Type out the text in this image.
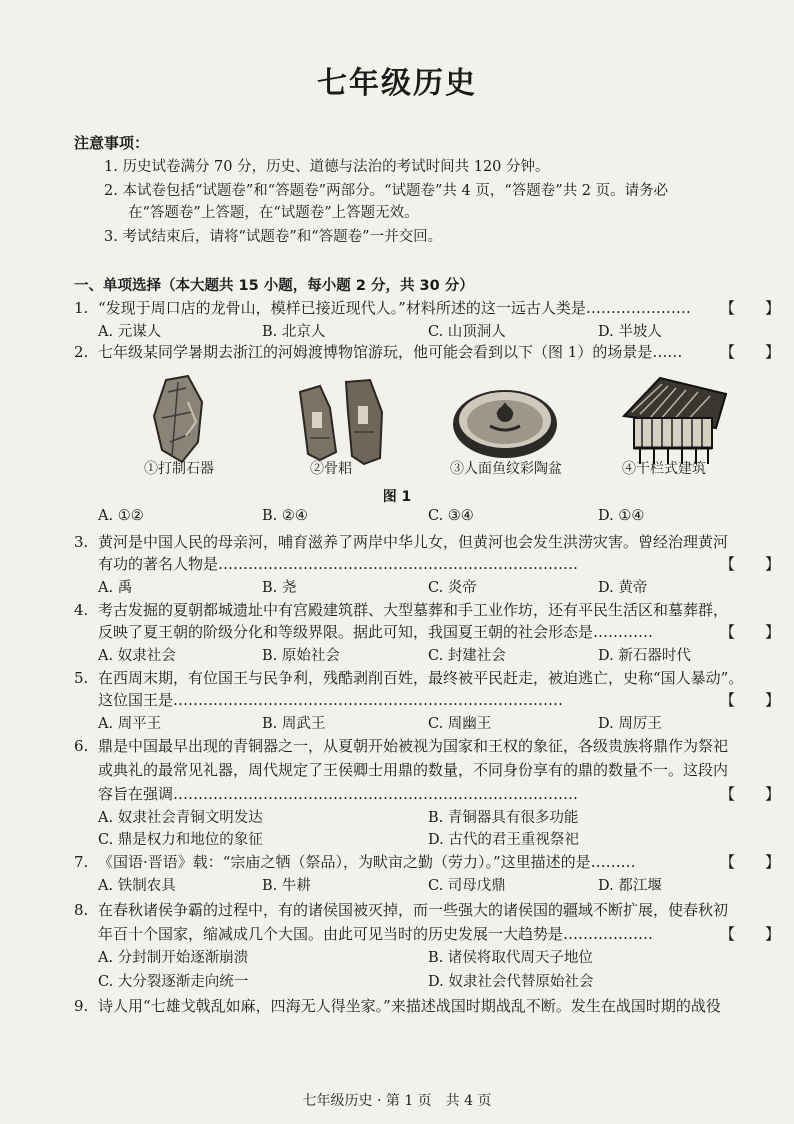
七年级历史
注意事项：
1. 历史试卷满分 70 分，历史、道德与法治的考试时间共 120 分钟。
2. 本试卷包括“试题卷”和“答题卷”两部分。“试题卷”共 4 页，“答题卷”共 2 页。请务必
在“答题卷”上答题，在“试题卷”上答题无效。
3. 考试结束后，请将“试题卷”和“答题卷”一并交回。
一、单项选择（本大题共 15 小题，每小题 2 分，共 30 分）
1. “发现于周口店的龙骨山，模样已接近现代人。”材料所述的这一远古人类是………………… 【　　】
A. 元谋人	B. 北京人	C. 山顶洞人	D. 半坡人
2. 七年级某同学暑期去浙江的河姆渡博物馆游玩，他可能会看到以下（图 1）的场景是……	【　　】
①打制石器	②骨耜	③人面鱼纹彩陶盆	④干栏式建筑
图 1
A. ①②	B. ②④	C. ③④	D. ①④
3. 黄河是中国人民的母亲河，哺育滋养了两岸中华儿女，但黄河也会发生洪涝灾害。曾经治理黄河
有功的著名人物是………………………………………………………………	【　　】
A. 禹	B. 尧	C. 炎帝	D. 黄帝
4. 考古发掘的夏朝都城遗址中有宫殿建筑群、大型墓葬和手工业作坊，还有平民生活区和墓葬群，
反映了夏王朝的阶级分化和等级界限。据此可知，我国夏王朝的社会形态是…………	【　　】
A. 奴隶社会	B. 原始社会	C. 封建社会	D. 新石器时代
5. 在西周末期，有位国王与民争利，残酷剥削百姓，最终被平民赶走，被迫逃亡，史称“国人暴动”。
这位国王是……………………………………………………………………	【　　】
A. 周平王	B. 周武王	C. 周幽王	D. 周厉王
6. 鼎是中国最早出现的青铜器之一，从夏朝开始被视为国家和王权的象征，各级贵族将鼎作为祭祀
或典礼的最常见礼器，周代规定了王侯卿士用鼎的数量，不同身份享有的鼎的数量不一。这段内
容旨在强调………………………………………………………………………	【　　】
A. 奴隶社会青铜文明发达	B. 青铜器具有很多功能
C. 鼎是权力和地位的象征	D. 古代的君王重视祭祀
7. 《国语·晋语》载：“宗庙之牺（祭品），为畎亩之勤（劳力）。”这里描述的是………	【　　】
A. 铁制农具	B. 牛耕	C. 司母戊鼎	D. 都江堰
8. 在春秋诸侯争霸的过程中，有的诸侯国被灭掉，而一些强大的诸侯国的疆域不断扩展，使春秋初
年百十个国家，缩减成几个大国。由此可见当时的历史发展一大趋势是………………	【　　】
A. 分封制开始逐渐崩溃	B. 诸侯将取代周天子地位
C. 大分裂逐渐走向统一	D. 奴隶社会代替原始社会
9. 诗人用“七雄戈戟乱如麻，四海无人得坐家。”来描述战国时期战乱不断。发生在战国时期的战役
七年级历史 · 第 1 页　共 4 页
